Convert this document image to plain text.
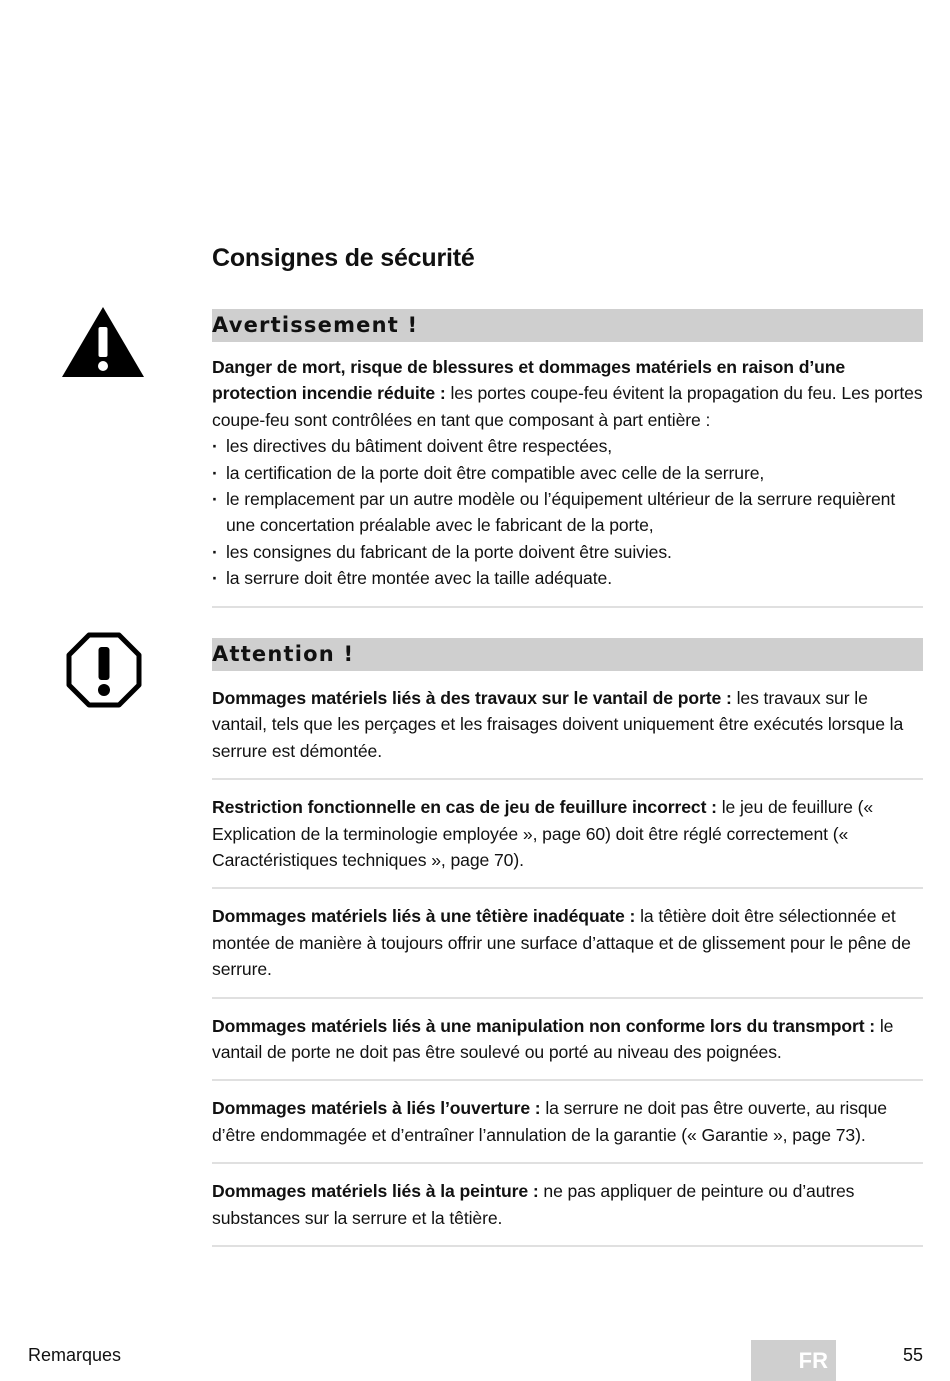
Consignes de sécurité
Avertissement !

Danger de mort, risque de blessures et dommages matériels en raison d’une protection incendie réduite : les portes coupe-feu évitent la propagation du feu. Les portes coupe-feu sont contrôlées en tant que composant à part entière :

· les directives du bâtiment doivent être respectées,
· la certification de la porte doit être compatible avec celle de la serrure,
· le remplacement par un autre modèle ou l’équipement ultérieur de la serrure requièrent une concertation préalable avec le fabricant de la porte,
· les consignes du fabricant de la porte doivent être suivies.
· la serrure doit être montée avec la taille adéquate.
Attention !

Dommages matériels liés à des travaux sur le vantail de porte : les travaux sur le vantail, tels que les perçages et les fraisages doivent uniquement être exécutés lorsque la serrure est démontée.

Restriction fonctionnelle en cas de jeu de feuillure incorrect : le jeu de feuillure (« Explication de la terminologie employée », page 60) doit être réglé correctement (« Caractéristiques techniques », page 70).

Dommages matériels liés à une têtière inadéquate : la têtière doit être sélectionnée et montée de manière à toujours offrir une surface d’attaque et de glissement pour le pêne de serrure.

Dommages matériels liés à une manipulation non conforme lors du transmport : le vantail de porte ne doit pas être soulevé ou porté au niveau des poignées.

Dommages matériels à liés l’ouverture : la serrure ne doit pas être ouverte, au risque d’être endommagée et d’entraîner l’annulation de la garantie (« Garantie », page 73).

Dommages matériels liés à la peinture : ne pas appliquer de peinture ou d’autres substances sur la serrure et la têtière.

Remarques	FR	55
